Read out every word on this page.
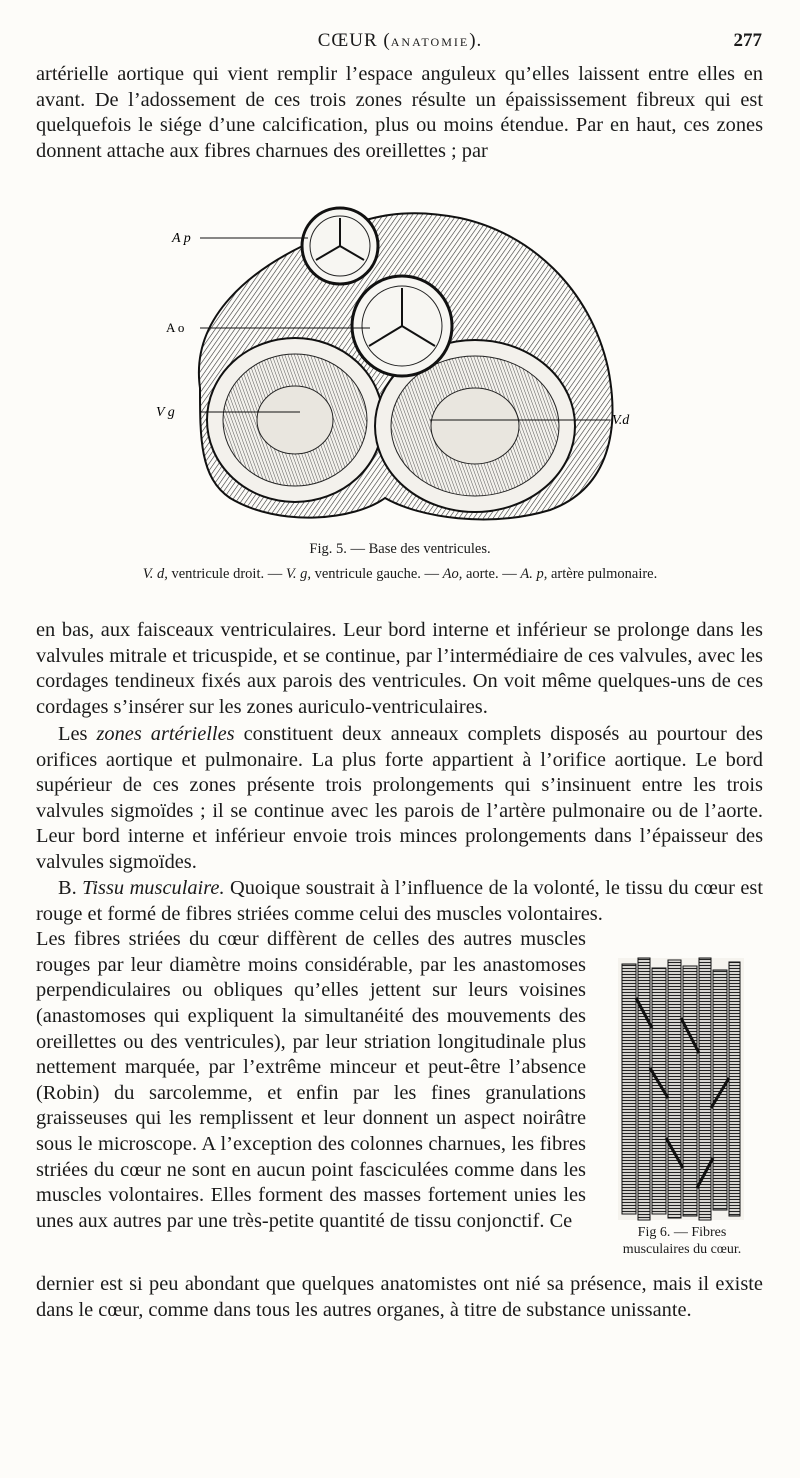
CŒUR (ANATOMIE).	277

artérielle aortique qui vient remplir l’espace anguleux qu’elles laissent entre elles en avant. De l’adossement de ces trois zones résulte un épaississement fibreux qui est quelquefois le siége d’une calcification, plus ou moins étendue. Par en haut, ces zones donnent attache aux fibres charnues des oreillettes ; par

A p
A o
V g
V.d
Fig. 5. — Base des ventricules.
V. d, ventricule droit. — V. g, ventricule gauche. — Ao, aorte. — A. p, artère pulmonaire.

en bas, aux faisceaux ventriculaires. Leur bord interne et inférieur se prolonge dans les valvules mitrale et tricuspide, et se continue, par l’intermédiaire de ces valvules, avec les cordages tendineux fixés aux parois des ventricules. On voit même quelques-uns de ces cordages s’insérer sur les zones auriculo-ventriculaires.

Les zones artérielles constituent deux anneaux complets disposés au pourtour des orifices aortique et pulmonaire. La plus forte appartient à l’orifice aortique. Le bord supérieur de ces zones présente trois prolongements qui s’insinuent entre les trois valvules sigmoïdes ; il se continue avec les parois de l’artère pulmonaire ou de l’aorte. Leur bord interne et inférieur envoie trois minces prolongements dans l’épaisseur des valvules sigmoïdes.

B. Tissu musculaire. Quoique soustrait à l’influence de la volonté, le tissu du cœur est rouge et formé de fibres striées comme celui des muscles volontaires.
Les fibres striées du cœur diffèrent de celles des autres muscles rouges par leur diamètre moins considérable, par les anastomoses perpendiculaires ou obliques qu’elles jettent sur leurs voisines (anastomoses qui expliquent la simultanéité des mouvements des oreillettes ou des ventricules), par leur striation longitudinale plus nettement marquée, par l’extrême minceur et peut-être l’absence (Robin) du sarcolemme, et enfin par les fines granulations graisseuses qui les remplissent et leur donnent un aspect noirâtre sous le microscope. A l’exception des colonnes charnues, les fibres striées du cœur ne sont en aucun point fasciculées comme dans les muscles volontaires. Elles forment des masses fortement unies les unes aux autres par une très-petite quantité de tissu conjonctif. Ce
Fig 6. — Fibres
musculaires du cœur.

dernier est si peu abondant que quelques anatomistes ont nié sa présence, mais il existe dans le cœur, comme dans tous les autres organes, à titre de substance unissante.
